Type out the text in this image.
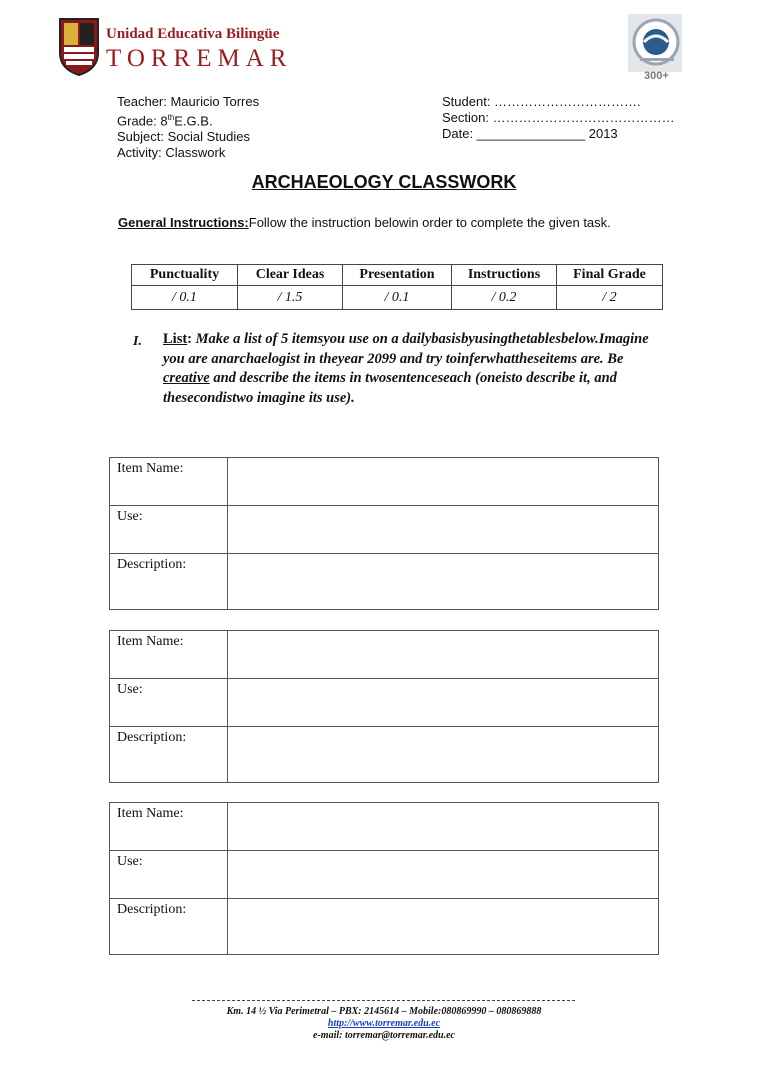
Unidad Educativa Bilingüe
TORREMAR
300+
Teacher: Mauricio Torres
Grade: 8thE.G.B.
Subject: Social Studies
Activity: Classwork
Student: …………………………….
Section: ……………………………………
Date: _______________ 2013
ARCHAEOLOGY CLASSWORK
General Instructions:Follow the instruction belowin order to complete the given task.
Punctuality	Clear Ideas	Presentation	Instructions	Final Grade
/ 0.1	/ 1.5	/ 0.1	/ 0.2	/ 2
I. List: Make a list of 5 itemsyou use on a dailybasisbyusingthetablesbelow.Imagine you are anarchaelogist in theyear 2099 and try toinferwhattheseitems are. Be creative and describe the items in twosentenceseach (oneisto describe it, and thesecondistwo imagine its use).
Item Name:	
Use:	
Description:	
Item Name:	
Use:	
Description:	
Item Name:	
Use:	
Description:	
Km. 14 ½ Via Perimetral – PBX: 2145614 – Mobile:080869990 – 080869888
http://www.torremar.edu.ec
e-mail: torremar@torremar.edu.ec
